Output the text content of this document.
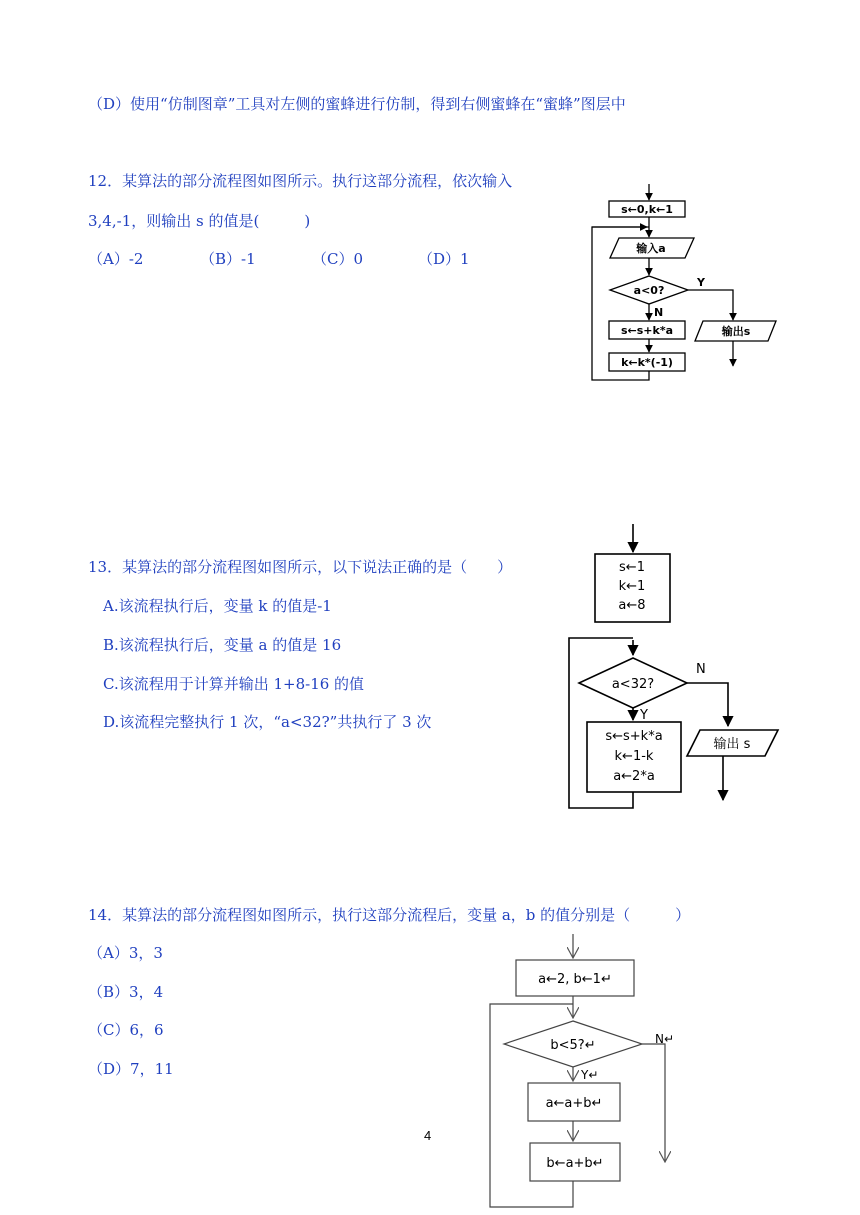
（D）使用“仿制图章”工具对左侧的蜜蜂进行仿制，得到右侧蜜蜂在“蜜蜂”图层中

12．某算法的部分流程图如图所示。执行这部分流程，依次输入

3,4,-1，则输出 s 的值是(　　　)

（A）-2	（B）-1	（C）0	（D）1

s←0,k←1
输入a
a<0?
Y
N
s←s+k*a
k←k*(-1)
输出s

13．某算法的部分流程图如图所示，以下说法正确的是（　　）

A.该流程执行后，变量 k 的值是-1

B.该流程执行后，变量 a 的值是 16

C.该流程用于计算并输出 1+8-16 的值

D.该流程完整执行 1 次，“a<32?”共执行了 3 次

s←1
k←1
a←8
a<32?
N
Y
s←s+k*a
k←1-k
a←2*a
输出 s

14．某算法的部分流程图如图所示，执行这部分流程后，变量 a，b 的值分别是（　　　）

（A）3，3

（B）3，4

（C）6，6

（D）7，11

a←2, b←1↵
b<5?↵	N↵
Y↵
a←a+b↵
b←a+b↵
4
